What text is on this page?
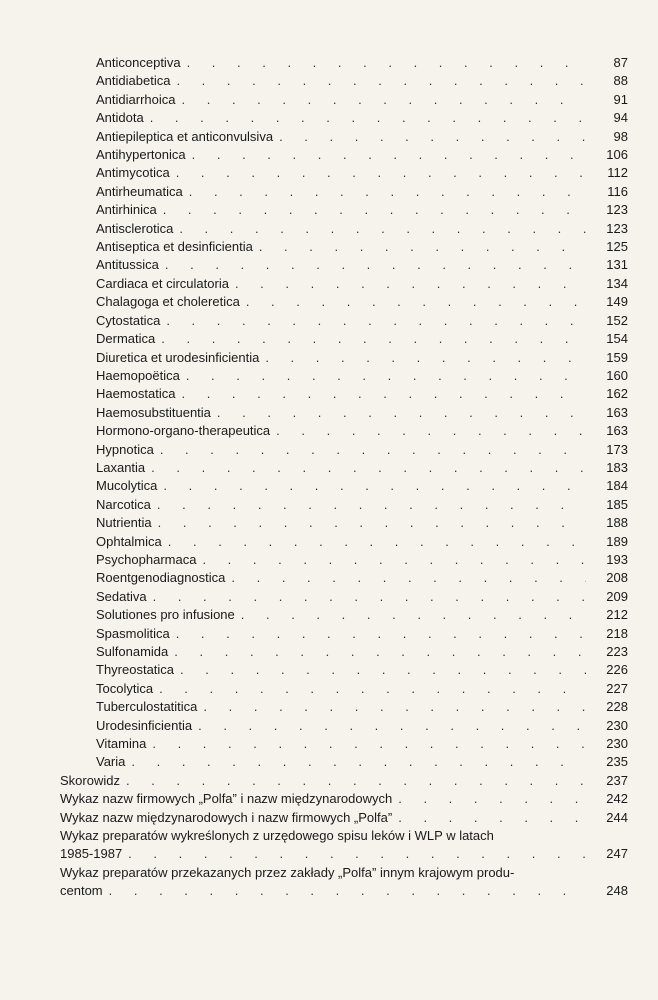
Anticonceptiva . . .	87
Antidiabetica . . .	88
Antidiarrhoica . . .	91
Antidota . . .	94
Antiepileptica et anticonvulsiva . . .	98
Antihypertonica . . .	106
Antimycotica . . .	112
Antirheumatica . . .	116
Antirhinica . . .	123
Antisclerotica . . .	123
Antiseptica et desinficientia . . .	125
Antitussica . . .	131
Cardiaca et circulatoria . . .	134
Chalagoga et choleretica . . .	149
Cytostatica . . .	152
Dermatica . . .	154
Diuretica et urodesinficientia . . .	159
Haemopoëtica . . .	160
Haemostatica . . .	162
Haemosubstituentia . . .	163
Hormono-organo-therapeutica . . .	163
Hypnotica . . .	173
Laxantia . . .	183
Mucolytica . . .	184
Narcotica . . .	185
Nutrientia . . .	188
Ophtalmica . . .	189
Psychopharmaca . . .	193
Roentgenodiagnostica . . .	208
Sedativa . . .	209
Solutiones pro infusione . . .	212
Spasmolitica . . .	218
Sulfonamida . . .	223
Thyreostatica . . .	226
Tocolytica . . .	227
Tuberculostatitica . . .	228
Urodesinficientia . . .	230
Vitamina . . .	230
Varia . . .	235
Skorowidz . . .	237
Wykaz nazw firmowych „Polfa” i nazw międzynarodowych . . .	242
Wykaz nazw międzynarodowych i nazw firmowych „Polfa” . . .	244
Wykaz preparatów wykreślonych z urzędowego spisu leków i WLP w latach
1985-1987 . . .	247
Wykaz preparatów przekazanych przez zakłady „Polfa” innym krajowym produ-
centom . . .	248
